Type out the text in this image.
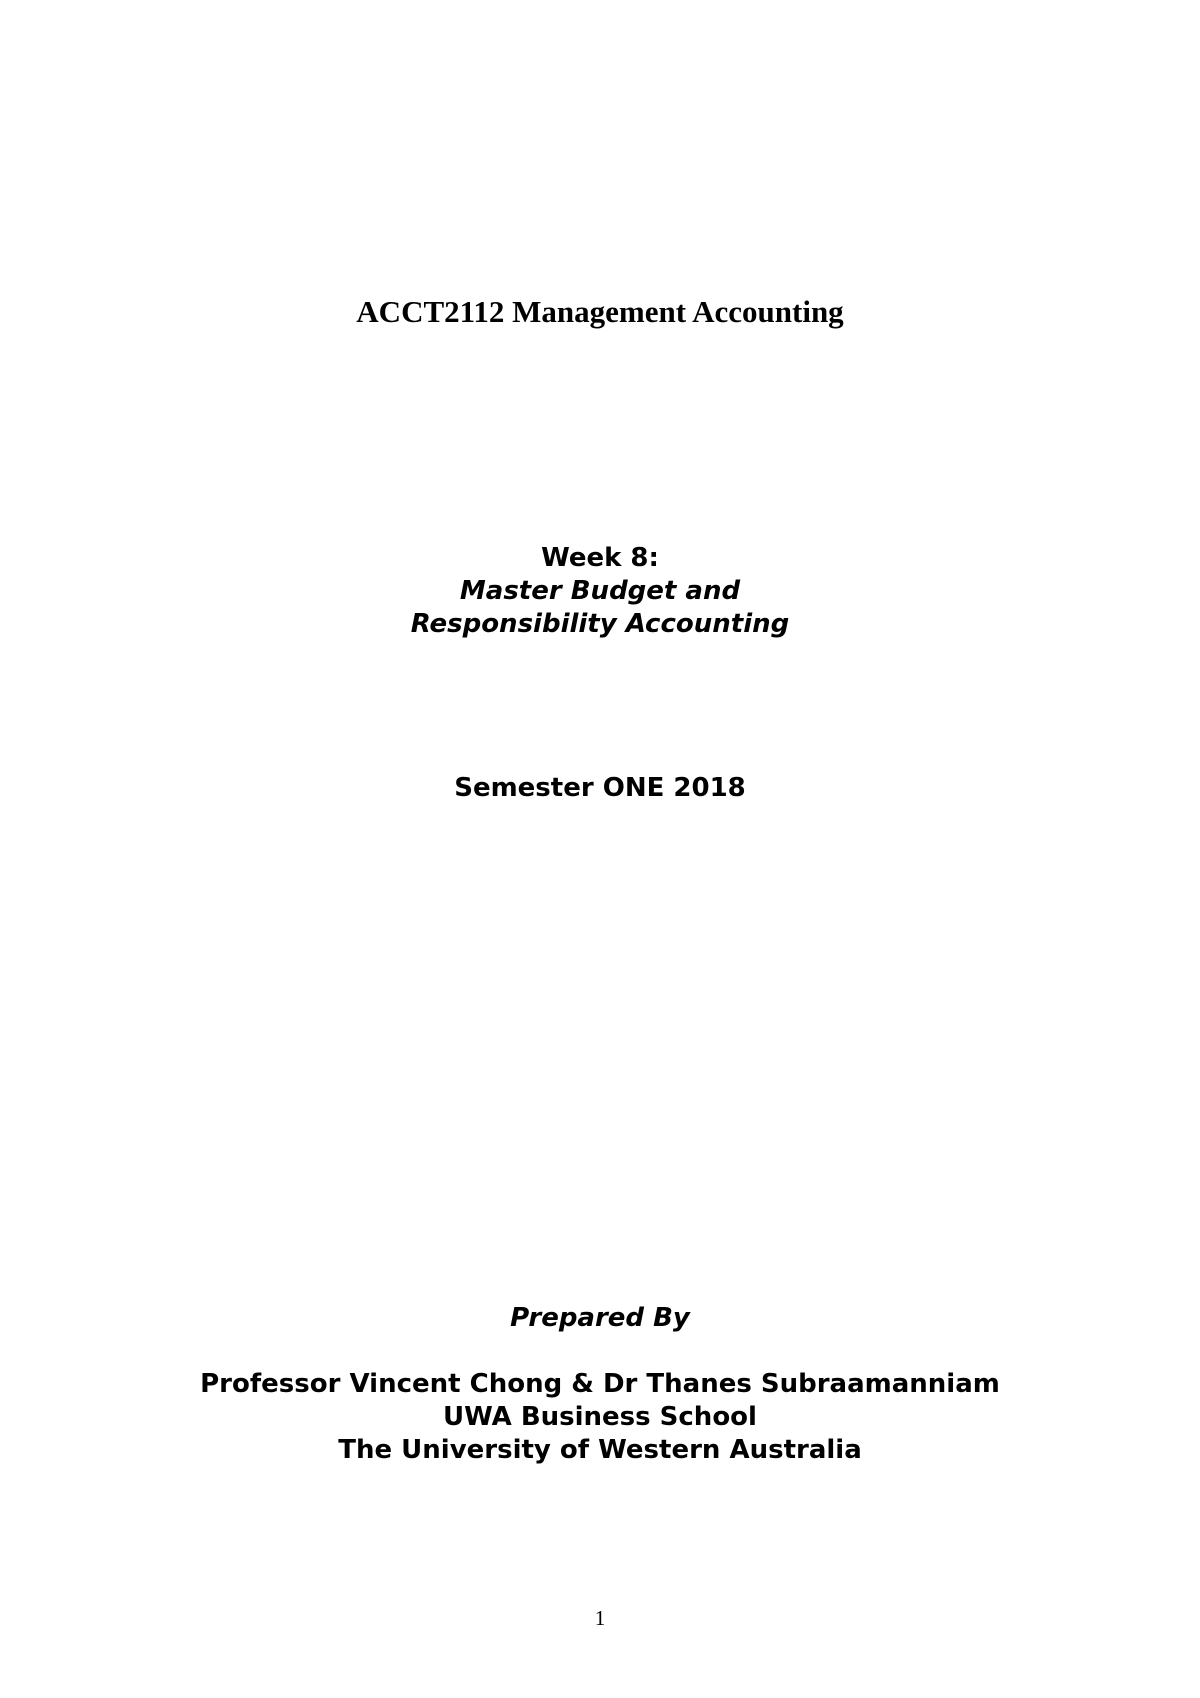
ACCT2112 Management Accounting
Week 8:
Master Budget and
Responsibility Accounting
Semester ONE 2018
Prepared By
Professor Vincent Chong & Dr Thanes Subraamanniam
UWA Business School
The University of Western Australia
1
